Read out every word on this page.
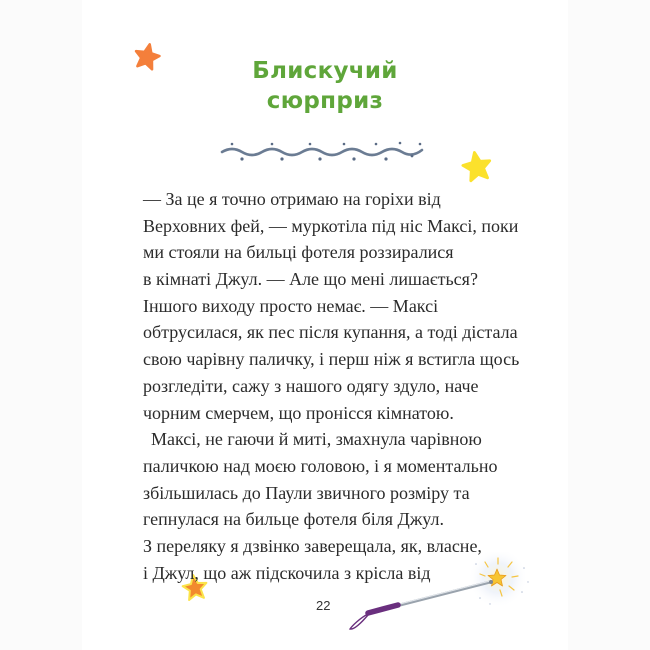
Блискучий
сюрприз
— За це я точно отримаю на горіхи від
Верховних фей, — муркотіла під ніс Максі, поки
ми стояли на бильці фотеля роззиралися
в кімнаті Джул. — Але що мені лишається?
Іншого виходу просто немає. — Максі
обтрусилася, як пес після купання, а тоді дістала
свою чарівну паличку, і перш ніж я встигла щось
розгледіти, сажу з нашого одягу здуло, наче
чорним смерчем, що пронісся кімнатою.
Максі, не гаючи й миті, змахнула чарівною
паличкою над моєю головою, і я моментально
збільшилась до Паули звичного розміру та
гепнулася на бильце фотеля біля Джул.
З переляку я дзвінко заверещала, як, власне,
і Джул, що аж підскочила з крісла від
22
